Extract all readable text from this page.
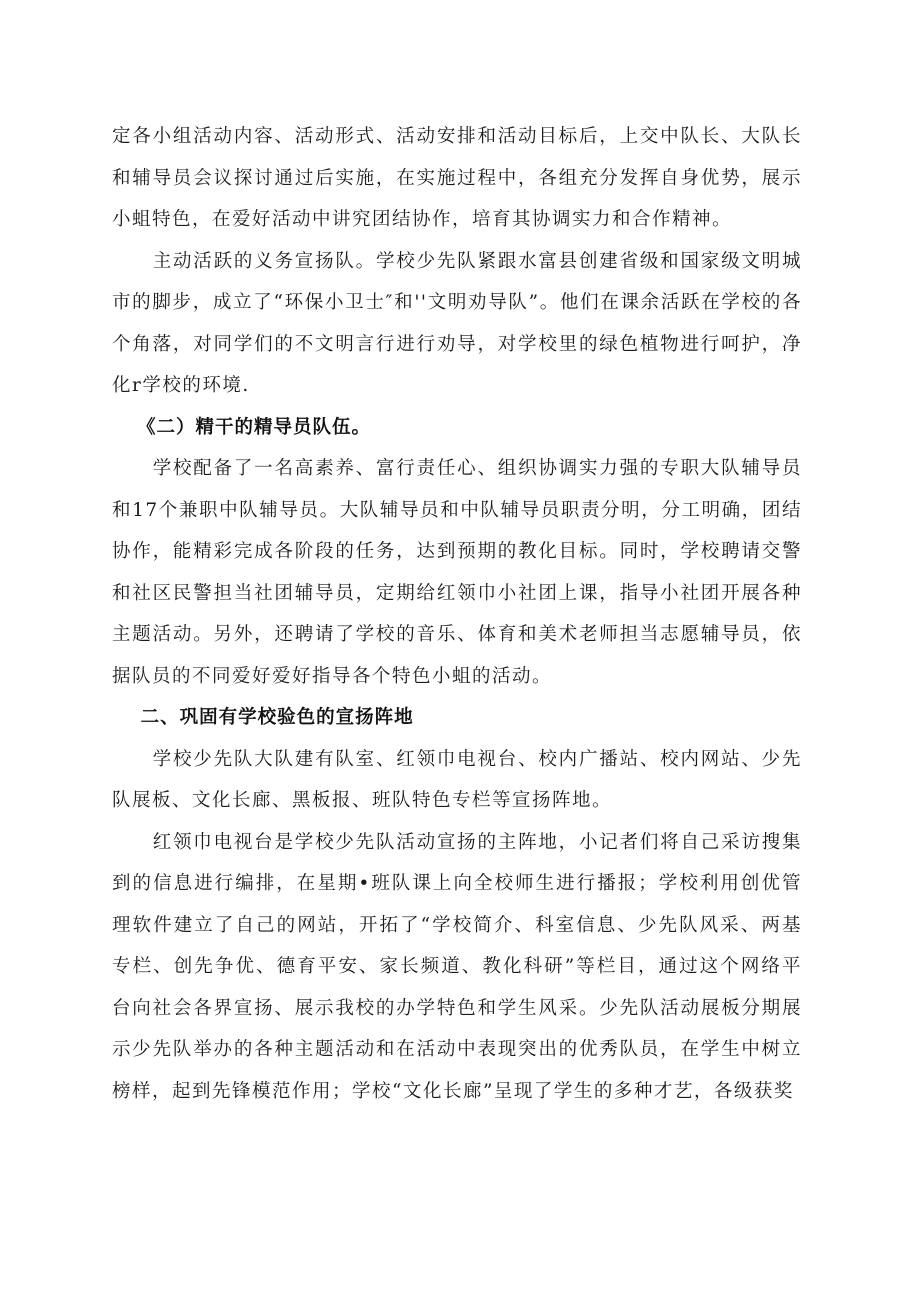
定各小组活动内容、活动形式、活动安排和活动目标后，上交中队长、大队长和辅导员会议探讨通过后实施，在实施过程中，各组充分发挥自身优势，展示小蛆特色，在爱好活动中讲究团结协作，培育其协调实力和合作精神。

主动活跃的义务宣扬队。学校少先队紧跟水富县创建省级和国家级文明城市的脚步，成立了“环保小卫士″和''文明劝导队”。他们在课余活跃在学校的各个角落，对同学们的不文明言行进行劝导，对学校里的绿色植物进行呵护，净化r学校的环境.

《二）精干的精导员队伍。

学校配备了一名高素养、富行责任心、组织协调实力强的专职大队辅导员和17个兼职中队辅导员。大队辅导员和中队辅导员职责分明，分工明确，团结协作，能精彩完成各阶段的任务，达到预期的教化目标。同时，学校聘请交警和社区民警担当社团辅导员，定期给红领巾小社团上课，指导小社团开展各种主题活动。另外，还聘请了学校的音乐、体育和美术老师担当志愿辅导员，依据队员的不同爱好爱好指导各个特色小蛆的活动。

二、巩固有学校验色的宣扬阵地

学校少先队大队建有队室、红领巾电视台、校内广播站、校内网站、少先队展板、文化长廊、黑板报、班队特色专栏等宣扬阵地。

红领巾电视台是学校少先队活动宣扬的主阵地，小记者们将自己采访搜集到的信息进行编排，在星期•班队课上向全校师生进行播报；学校利用创优管理软件建立了自己的网站，开拓了“学校简介、科室信息、少先队风采、两基专栏、创先争优、德育平安、家长频道、教化科研”等栏目，通过这个网络平台向社会各界宣扬、展示我校的办学特色和学生风采。少先队活动展板分期展示少先队举办的各种主题活动和在活动中表现突出的优秀队员，在学生中树立榜样，起到先锋模范作用；学校“文化长廊”呈现了学生的多种才艺，各级获奖
